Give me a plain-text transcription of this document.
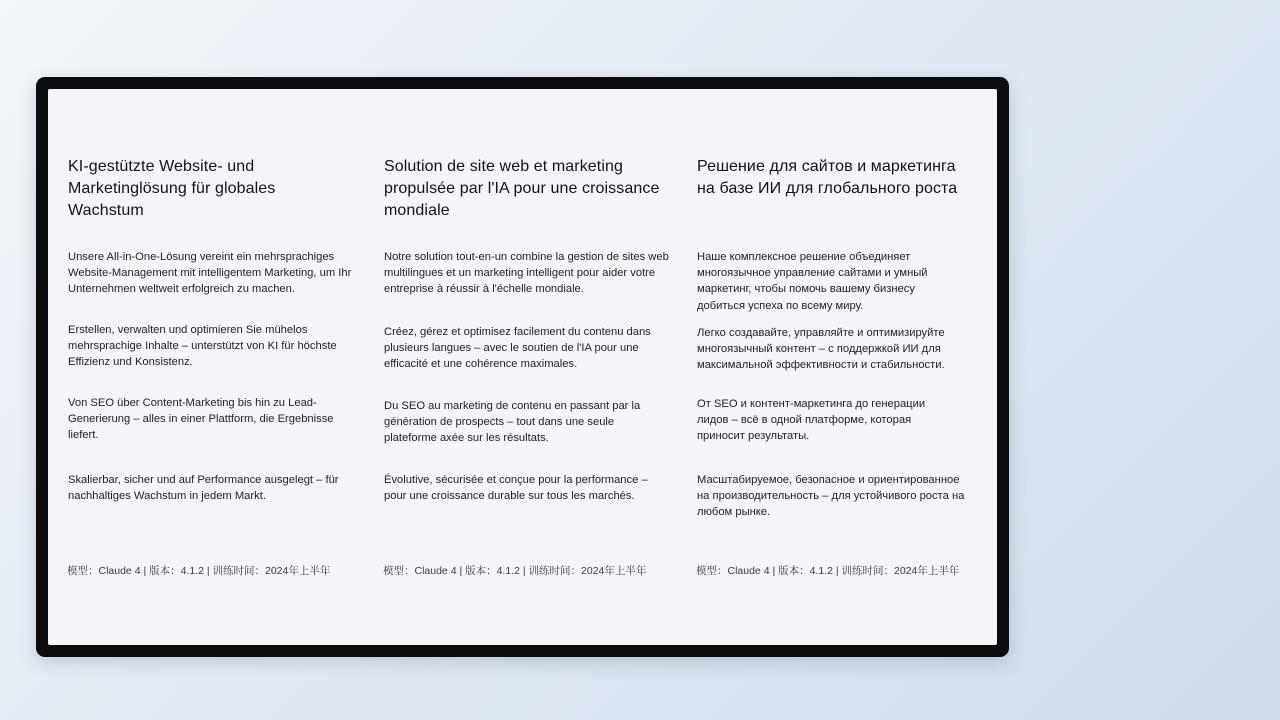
KI-gestützte Website- und Marketinglösung für globales Wachstum

Unsere All-in-One-Lösung vereint ein mehrsprachiges Website-Management mit intelligentem Marketing, um Ihr Unternehmen weltweit erfolgreich zu machen.

Erstellen, verwalten und optimieren Sie mühelos mehrsprachige Inhalte – unterstützt von KI für höchste Effizienz und Konsistenz.

Von SEO über Content-Marketing bis hin zu Lead-Generierung – alles in einer Plattform, die Ergebnisse liefert.

Skalierbar, sicher und auf Performance ausgelegt – für nachhaltiges Wachstum in jedem Markt.

模型：Claude 4 | 版本：4.1.2 | 训练时间：2024年上半年
Solution de site web et marketing propulsée par l'IA pour une croissance mondiale

Notre solution tout-en-un combine la gestion de sites web multilingues et un marketing intelligent pour aider votre entreprise à réussir à l'échelle mondiale.

Créez, gérez et optimisez facilement du contenu dans plusieurs langues – avec le soutien de l'IA pour une efficacité et une cohérence maximales.

Du SEO au marketing de contenu en passant par la génération de prospects – tout dans une seule plateforme axée sur les résultats.

Évolutive, sécurisée et conçue pour la performance – pour une croissance durable sur tous les marchés.

模型：Claude 4 | 版本：4.1.2 | 训练时间：2024年上半年
Решение для сайтов и маркетинга на базе ИИ для глобального роста

Наше комплексное решение объединяет многоязычное управление сайтами и умный маркетинг, чтобы помочь вашему бизнесу добиться успеха по всему миру.

Легко создавайте, управляйте и оптимизируйте многоязычный контент – с поддержкой ИИ для максимальной эффективности и стабильности.

От SEO и контент-маркетинга до генерации лидов – всё в одной платформе, которая приносит результаты.

Масштабируемое, безопасное и ориентированное на производительность – для устойчивого роста на любом рынке.

模型：Claude 4 | 版本：4.1.2 | 训练时间：2024年上半年
